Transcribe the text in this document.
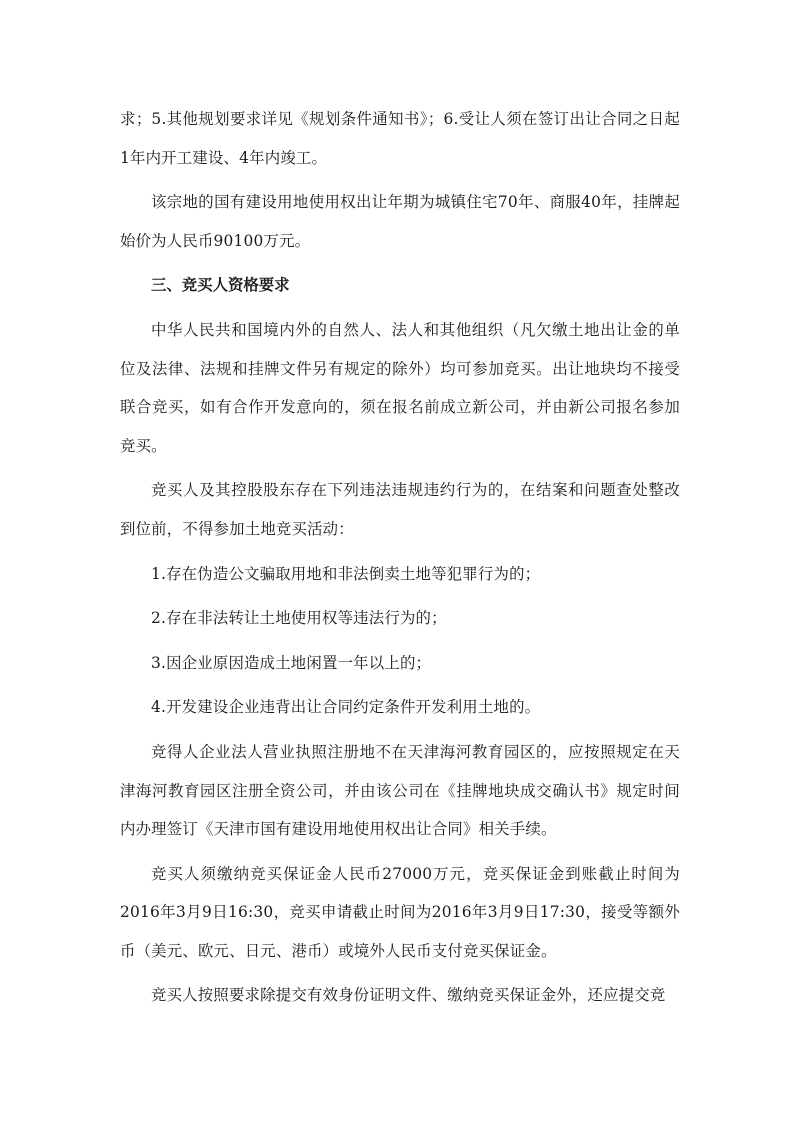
求；5.其他规划要求详见《规划条件通知书》；6.受让人须在签订出让合同之日起1年内开工建设、4年内竣工。

该宗地的国有建设用地使用权出让年期为城镇住宅70年、商服40年，挂牌起始价为人民币90100万元。

三、竞买人资格要求

中华人民共和国境内外的自然人、法人和其他组织（凡欠缴土地出让金的单位及法律、法规和挂牌文件另有规定的除外）均可参加竞买。出让地块均不接受联合竞买，如有合作开发意向的，须在报名前成立新公司，并由新公司报名参加竞买。

竞买人及其控股股东存在下列违法违规违约行为的，在结案和问题查处整改到位前，不得参加土地竞买活动：

1.存在伪造公文骗取用地和非法倒卖土地等犯罪行为的；

2.存在非法转让土地使用权等违法行为的；

3.因企业原因造成土地闲置一年以上的；

4.开发建设企业违背出让合同约定条件开发利用土地的。

竞得人企业法人营业执照注册地不在天津海河教育园区的，应按照规定在天津海河教育园区注册全资公司，并由该公司在《挂牌地块成交确认书》规定时间内办理签订《天津市国有建设用地使用权出让合同》相关手续。

竞买人须缴纳竞买保证金人民币27000万元，竞买保证金到账截止时间为2016年3月9日16:30，竞买申请截止时间为2016年3月9日17:30，接受等额外币（美元、欧元、日元、港币）或境外人民币支付竞买保证金。

竞买人按照要求除提交有效身份证明文件、缴纳竞买保证金外，还应提交竞
